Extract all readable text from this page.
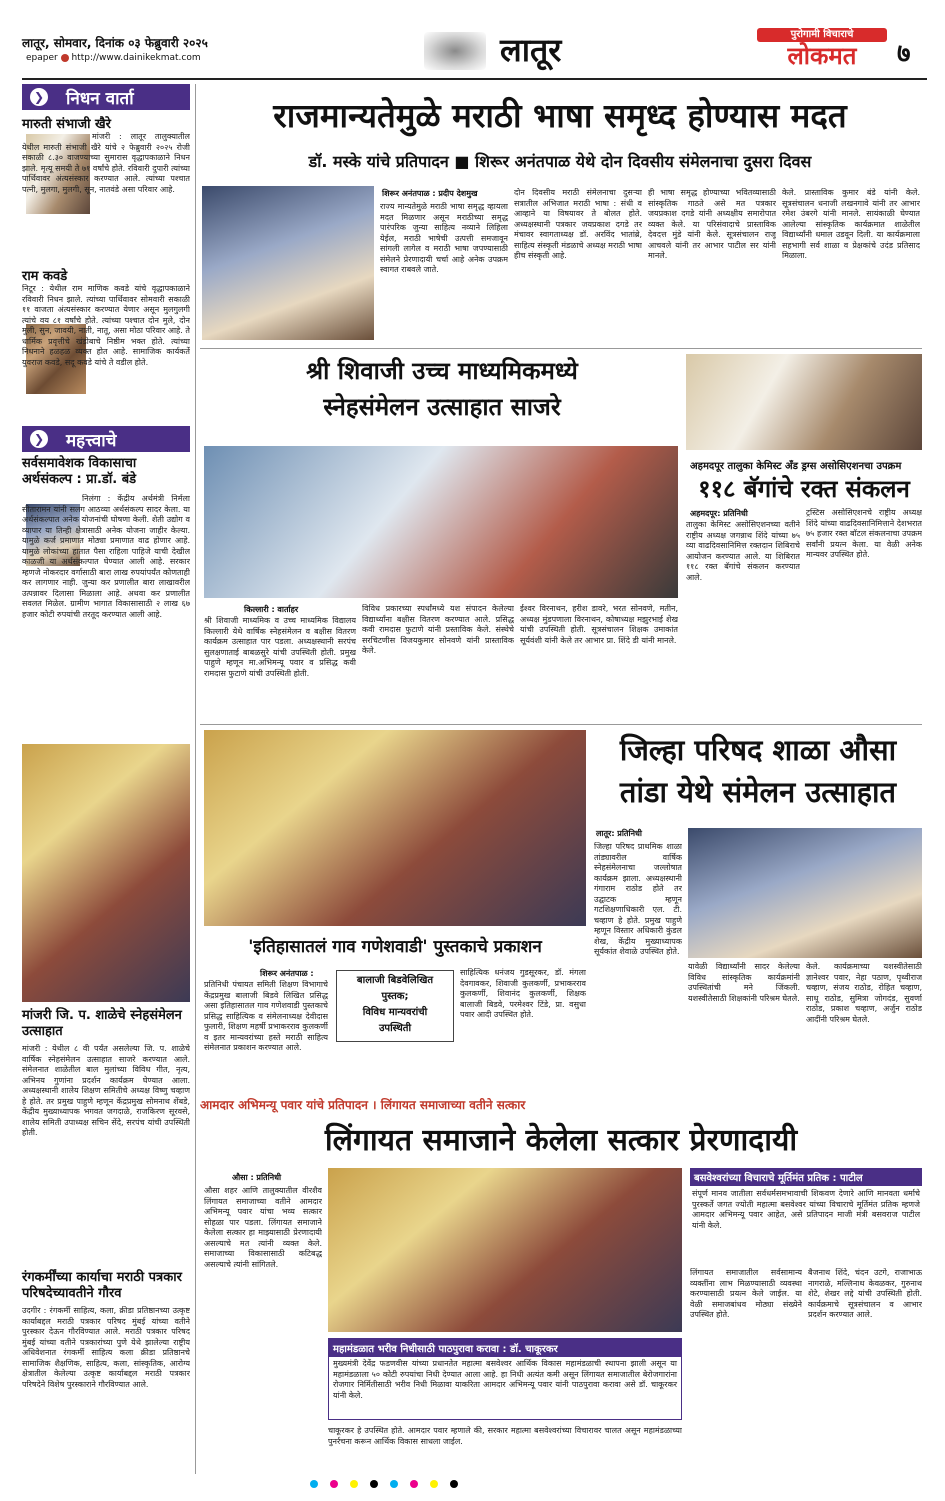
लातूर, सोमवार, दिनांक ०३ फेब्रुवारी २०२५
epaper http://www.dainikekmat.com	लातूर	पुरोगामी विचाराचे
लोकमत	७
❯ निधन वार्ता
मारुती संभाजी खैरे
मांजरी : लातूर तालुक्यातील येथील मारुती संभाजी खैरे यांचे २ फेब्रुवारी २०२५ रोजी सकाळी ८.३० वाजण्याच्या सुमारास वृद्धापकाळाने निधन झाले. मृत्यू समयी ते ७१ वर्षांचे होते. रविवारी दुपारी त्यांच्या पार्थिवावर अंत्यसंस्कार करण्यात आले. त्यांच्या पश्चात पत्नी, मुलगा, मुलगी, सून, नातवंडे असा परिवार आहे.
राम कवडे
निटूर : येथील राम माणिक कवडे यांचे वृद्धापकाळाने रविवारी निधन झाले. त्यांच्या पार्थिवावर सोमवारी सकाळी ११ वाजता अंत्यसंस्कार करण्यात येणार असून मुलगुलगी त्यांचे वय ८१ वर्षांचे होते. त्यांच्या पश्चात दोन मुले, दोन मुली, सुन, जावयी, नाती, नातू, असा मोठा परिवार आहे. ते धार्मिक प्रवृत्तीचे खंडोबाचे निष्ठीम भक्त होते. त्यांच्या निधनाने हळहळ व्यक्त होत आहे. सामाजिक कार्यकर्ते युवराज कवडे, सदू कवडे यांचे ते वडील होते.
❯ महत्त्वाचे
सर्वसमावेशक विकासाचा अर्थसंकल्प : प्रा.डॉ. बंडे
निलंगा : केंद्रीय अर्थमंत्री निर्मला सीतारामन यांनी सलग आठव्या अर्थसंकल्प सादर केला. या अर्थसंकल्पात अनेक योजनांची घोषणा केली. शेती उद्योग व व्यापार या तिन्ही क्षेत्रासाठी अनेक योजना जाहीर केल्या. यामुळे कर्ज प्रमाणात मोठ्या प्रमाणात वाढ होणार आहे. यामुळे लोकांच्या हातात पैसा राहिला पाहिजे याची देखील काळजी या अर्थसंकल्पात घेण्यात आली आहे. सरकार म्हणजे नोकरदार वर्गासाठी बारा लाख रुपयांपर्यंत कोणताही कर लागणार नाही. जुन्या कर प्रणालीत बारा लाखावरील उत्पन्नावर दिलासा मिळाला आहे. अथवा कर प्रणालीत सवलत मिळेल. ग्रामीण भागात विकासासाठी २ लाख ६७ हजार कोटी रुपयांची तरतूद करण्यात आली आहे.
मांजरी जि. प. शाळेचे स्नेहसंमेलन उत्साहात
मांजरी : येथील ८ वी पर्यंत असलेल्या जि. प. शाळेचे वार्षिक स्नेहसंमेलन उत्साहात साजरे करण्यात आले. संमेलनात शाळेतील बाल मुलांच्या विविध गीत, नृत्य, अभिनय गुणांना प्रदर्शन कार्यक्रम घेण्यात आला. अध्यक्षस्थानी शालेय शिक्षण समितीचे अध्यक्ष विष्णु चव्हाण हे होते. तर प्रमुख पाहुणे म्हणून केंद्रप्रमुख सोमनाथ शेंबडे, केंद्रीय मुख्याध्यापक भगवत जगदाळे, राजकिरण सूरवसे, शालेय समिती उपाध्यक्ष सचिन सेंदे, सरपंच यांची उपस्थिती होती.
रंगकर्मींच्या कार्याचा मराठी पत्रकार परिषदेच्यावतीने गौरव
उदगीर : रंगकर्मी साहित्य, कला, क्रीडा प्रतिष्ठानच्या उत्कृष्ट कार्याबद्दल मराठी पत्रकार परिषद मुंबई यांच्या वतीने पुरस्कार देऊन गौरविण्यात आले. मराठी पत्रकार परिषद मुंबई यांच्या वतीने पत्रकारांच्या पुणे येथे झालेल्या राष्ट्रीय अधिवेशनात रंगकर्मी साहित्य कला क्रीडा प्रतिष्ठानचे सामाजिक शैक्षणिक, साहित्य, कला, सांस्कृतिक, आरोग्य क्षेत्रातील केलेल्या उत्कृष्ट कार्याबद्दल मराठी पत्रकार परिषदेने विशेष पुरस्काराने गौरविण्यात आले.
राजमान्यतेमुळे मराठी भाषा समृध्द होण्यास मदत
डॉ. मस्के यांचे प्रतिपादन ■ शिरूर अनंतपाळ येथे दोन दिवसीय संमेलनाचा दुसरा दिवस
शिरूर अनंतपाळ : प्रदीप देशमुख
राज्य मान्यतेमुळे मराठी भाषा समृद्ध व्हायला मदत मिळणार असून मराठीच्या समृद्ध पारंपरिक जुन्या साहित्य नव्याने लिहिला येईल, मराठी भाषेची उत्पत्ती समजावून सांगली लागेल व मराठी भाषा जपण्यासाठी संमेलने प्रेरणादायी चर्चा आहे अनेक उपक्रम स्वागत राबवले जाते.
दोन दिवसीय मराठी संमेलनाचा दुसऱ्या सत्रातील अभिजात मराठी भाषा : संधी व आव्हाने या विषयावर ते बोलत होते. अध्यक्षस्थानी पत्रकार जयप्रकाश दगडे तर मंचावर स्वागताध्यक्ष डॉ. अरविंद भातांब्रे, साहित्य संस्कृती मंडळाचे अध्यक्ष मराठी भाषा हीच संस्कृती आहे.
ही भाषा समृद्ध होण्याच्या भवितव्यासाठी सांस्कृतिक गाठते असे मत पत्रकार जयप्रकाश दगडे यांनी अध्यक्षीय समारोपात व्यक्त केले. या परिसंवादाचे प्रास्ताविक देवदत्त मुंडे यांनी केले. सूत्रसंचालन राजू आचवले यांनी तर आभार पाटील सर यांनी मानले.
केले. प्रास्ताविक कुमार बंडे यांनी केले. सूत्रसंचालन धनाजी लखनगावे यांनी तर आभार रमेश उंबरगे यांनी मानले. सायंकाळी घेण्यात आलेल्या सांस्कृतिक कार्यक्रमात शाळेतील विद्यार्थ्यांनी धमाल उडवून दिली. या कार्यक्रमाला सहभागी सर्व शाळा व प्रेक्षकांचे उदंड प्रतिसाद मिळाला.
श्री शिवाजी उच्च माध्यमिकमध्ये
स्नेहसंमेलन उत्साहात साजरे
किल्लारी : वार्ताहर
श्री शिवाजी माध्यमिक व उच्च माध्यमिक विद्यालय किल्लारी येथे वार्षिक स्नेहसंमेलन व बक्षीस वितरण कार्यक्रम उत्साहात पार पडला. अध्यक्षस्थानी सरपंच सुलक्षणाताई बाबळसुरे यांची उपस्थिती होती. प्रमुख पाहुणे म्हणून मा.अभिमन्यू पवार व प्रसिद्ध कवी रामदास फुटाणे यांची उपस्थिती होती.
विविध प्रकारच्या स्पर्धांमध्ये यश संपादन केलेल्या विद्यार्थ्यांना बक्षीस वितरण करण्यात आले. प्रसिद्ध कवी रामदास फुटाणे यांनी प्रस्ताविक केले. संस्थेचे सरचिटणीस विजयकुमार सोनवणे यांनी प्रास्ताविक केले.
ईश्वर विरनाथन, हरीश डावरे, भरत सोनवणे, मतीन, अध्यक्ष मुंडपणाला विरनाथन, कोषाध्यक्ष मझुरभाई शेख यांची उपस्थिती होती. सूत्रसंचालन शिक्षक उमाकांत सूर्यवंशी यांनी केले तर आभार प्रा. शिंदे डी यांनी मानले.
अहमदपूर तालुका केमिस्ट ॲंड ड्रग्स असोसिएशनचा उपक्रम
११८ बॅगांचे रक्त संकलन
अहमदपूर: प्रतिनिधी
तालुका केमिस्ट असोसिएशनच्या वतीने राष्ट्रीय अध्यक्ष जगन्नाथ शिंदे यांच्या ७५ व्या वाढदिवसानिमित्त रक्तदान शिबिराचे आयोजन करण्यात आले. या शिबिरात ११८ रक्त बॅगांचे संकलन करण्यात आले.
ट्रस्टिस असोसिएशनचे राष्ट्रीय अध्यक्ष शिंदे यांच्या वाढदिवसानिमित्ताने देशभरात ७५ हजार रक्त बॉटल संकलनाचा उपक्रम सर्वांनी प्रयत्न केला. या वेळी अनेक मान्यवर उपस्थित होते.
'इतिहासातलं गाव गणेशवाडी' पुस्तकाचे प्रकाशन
शिरूर अनंतपाळ :
प्रतिनिधी पंचायत समिती शिक्षण विभागाचे केंद्रप्रमुख बालाजी बिडवे लिखित प्रसिद्ध असा इतिहासातल गाव गणेशवाडी पुस्तकाचे प्रसिद्ध साहित्यिक व संमेलनाध्यक्ष देवीदास फुलारी, शिक्षण महर्षी प्रभाकरराव कुलकर्णी व इतर मान्यवरांच्या हस्ते मराठी साहित्य संमेलनात प्रकाशन करण्यात आले.
बालाजी बिडवेलिखित
पुस्तक;
विविध मान्यवरांची
उपस्थिती
साहित्यिक धनंजय गुडसूरकर, डॉ. मंगला देवगावकर, शिवाजी कुलकर्णी, प्रभाकरराव कुलकर्णी, शिवानंद कुलकर्णी, शिक्षक बालाजी बिडवे, परमेश्वर टिंडे, प्रा. वसुधा पवार आदी उपस्थित होते.
जिल्हा परिषद शाळा औसा
तांडा येथे संमेलन उत्साहात
लातूर: प्रतिनिधी
जिल्हा परिषद प्राथमिक शाळा तांड्यावरील वार्षिक स्नेहसंमेलनाचा जल्लोषात कार्यक्रम झाला. अध्यक्षस्थानी गंगाराम राठोड होते तर उद्घाटक म्हणून गटशिक्षणाधिकारी एल. टी. चव्हाण हे होते. प्रमुख पाहुणे म्हणून विस्तार अधिकारी कुंडल शेख, केंद्रीय मुख्याध्यापक सूर्यकांत शेवाळे उपस्थित होते.
यावेळी विद्यार्थ्यांनी सादर केलेल्या विविध सांस्कृतिक कार्यक्रमांनी उपस्थितांची मने जिंकली. यशस्वीतेसाठी शिक्षकांनी परिश्रम घेतले.
केले. कार्यक्रमाच्या यशस्वीतेसाठी ज्ञानेश्वर पवार, नेहा पठाण, पृथ्वीराज चव्हाण, संजय राठोड, रोहित चव्हाण, साधू राठोड, सुमित्रा जोगदंड, सुवर्णा राठोड, प्रकाश चव्हाण, अर्जुन राठोड आदींनी परिश्रम घेतले.
आमदार अभिमन्यू पवार यांचे प्रतिपादन । लिंगायत समाजाच्या वतीने सत्कार
लिंगायत समाजाने केलेला सत्कार प्रेरणादायी
औसा : प्रतिनिधी
औसा शहर आणि तालुक्यातील वीरशैव लिंगायत समाजाच्या वतीने आमदार अभिमन्यू पवार यांचा भव्य सत्कार सोहळा पार पडला. लिंगायत समाजाने केलेला सत्कार हा माझ्यासाठी प्रेरणादायी असल्याचे मत त्यांनी व्यक्त केले. समाजाच्या विकासासाठी कटिबद्ध असल्याचे त्यांनी सांगितले.
बसवेश्वरांच्या विचाराचे मूर्तिमंत प्रतिक : पाटील
संपूर्ण मानव जातीला सर्वधर्मसमभावाची शिकवण देणारे आणि मानवता धर्माचे पुरस्कर्ते जगत ज्योती महात्मा बसवेश्वर यांच्या विचाराचे मूर्तिमंत प्रतिक म्हणजे आमदार अभिमन्यू पवार आहेत, असे प्रतिपादन माजी मंत्री बसवराज पाटील यांनी केले.
लिंगायत समाजातील सर्वसामान्य व्यक्तींना लाभ मिळण्यासाठी व्यवस्था करण्यासाठी प्रयत्न केले जाईल. या वेळी समाजबांधव मोठ्या संख्येने उपस्थित होते.
बैजनाथ शिंदे, चंदन उटगे, राजाभाऊ नागराळे, मल्लिनाथ केवळकर, गुरुनाथ शेटे, शेखर लद्दे यांची उपस्थिती होती. कार्यक्रमाचे सूत्रसंचालन व आभार प्रदर्शन करण्यात आले.
महामंडळात भरीव निधीसाठी पाठपुरावा करावा : डॉ. चाकूरकर
मुख्यमंत्री देवेंद्र फडणवीस यांच्या प्रधानतेत महात्मा बसवेश्वर आर्थिक विकास महामंडळाची स्थापना झाली असून या महामंडळाला ५० कोटी रुपयांचा निधी देण्यात आला आहे. हा निधी अत्यंत कमी असून लिंगायत समाजातील बेरोजगारांना रोजगार निर्मितीसाठी भरीव निधी मिळावा याकरिता आमदार अभिमन्यू पवार यांनी पाठपुरावा करावा असे डॉ. चाकूरकर यांनी केले.
चाकूरकर हे उपस्थित होते. आमदार पवार म्हणाले की, सरकार महात्मा बसवेश्वरांच्या विचारावर चालत असून महामंडळाच्या पुनर्रचना करून आर्थिक विकास साधला जाईल.
